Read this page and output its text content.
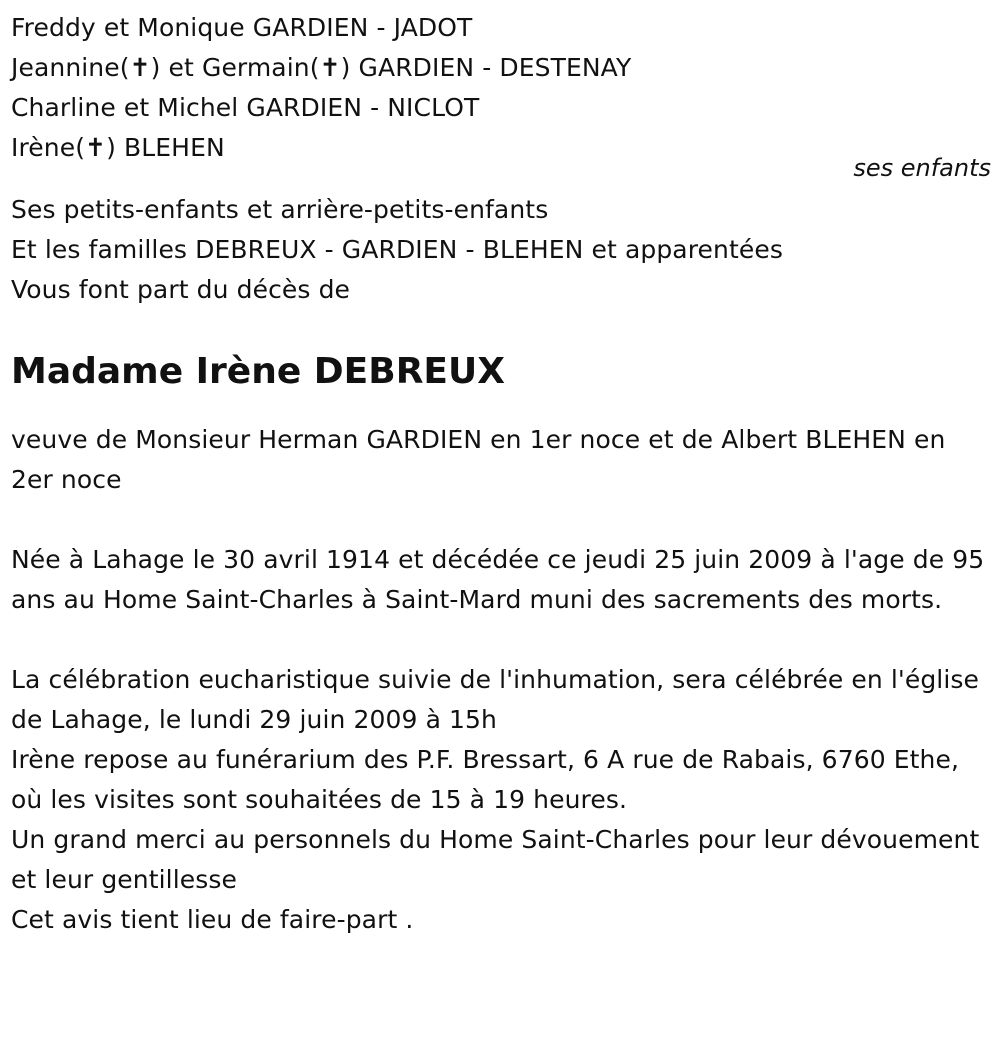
Freddy et Monique GARDIEN - JADOT
Jeannine(✝) et Germain(✝) GARDIEN - DESTENAY
Charline et Michel GARDIEN - NICLOT
Irène(✝) BLEHEN
ses enfants
Ses petits-enfants et arrière-petits-enfants
Et les familles DEBREUX - GARDIEN - BLEHEN et apparentées
Vous font part du décès de
Madame Irène DEBREUX

veuve de Monsieur Herman GARDIEN en 1er noce et de Albert BLEHEN en 2er noce

Née à Lahage le 30 avril 1914 et décédée ce jeudi 25 juin 2009 à l'age de 95 ans au Home Saint-Charles à Saint-Mard muni des sacrements des morts.

La célébration eucharistique suivie de l'inhumation, sera célébrée en l'église de Lahage, le lundi 29 juin 2009 à 15h

Irène repose au funérarium des P.F. Bressart, 6 A rue de Rabais, 6760 Ethe,

où les visites sont souhaitées de 15 à 19 heures.

Un grand merci au personnels du Home Saint-Charles pour leur dévouement et leur gentillesse

Cet avis tient lieu de faire-part .
